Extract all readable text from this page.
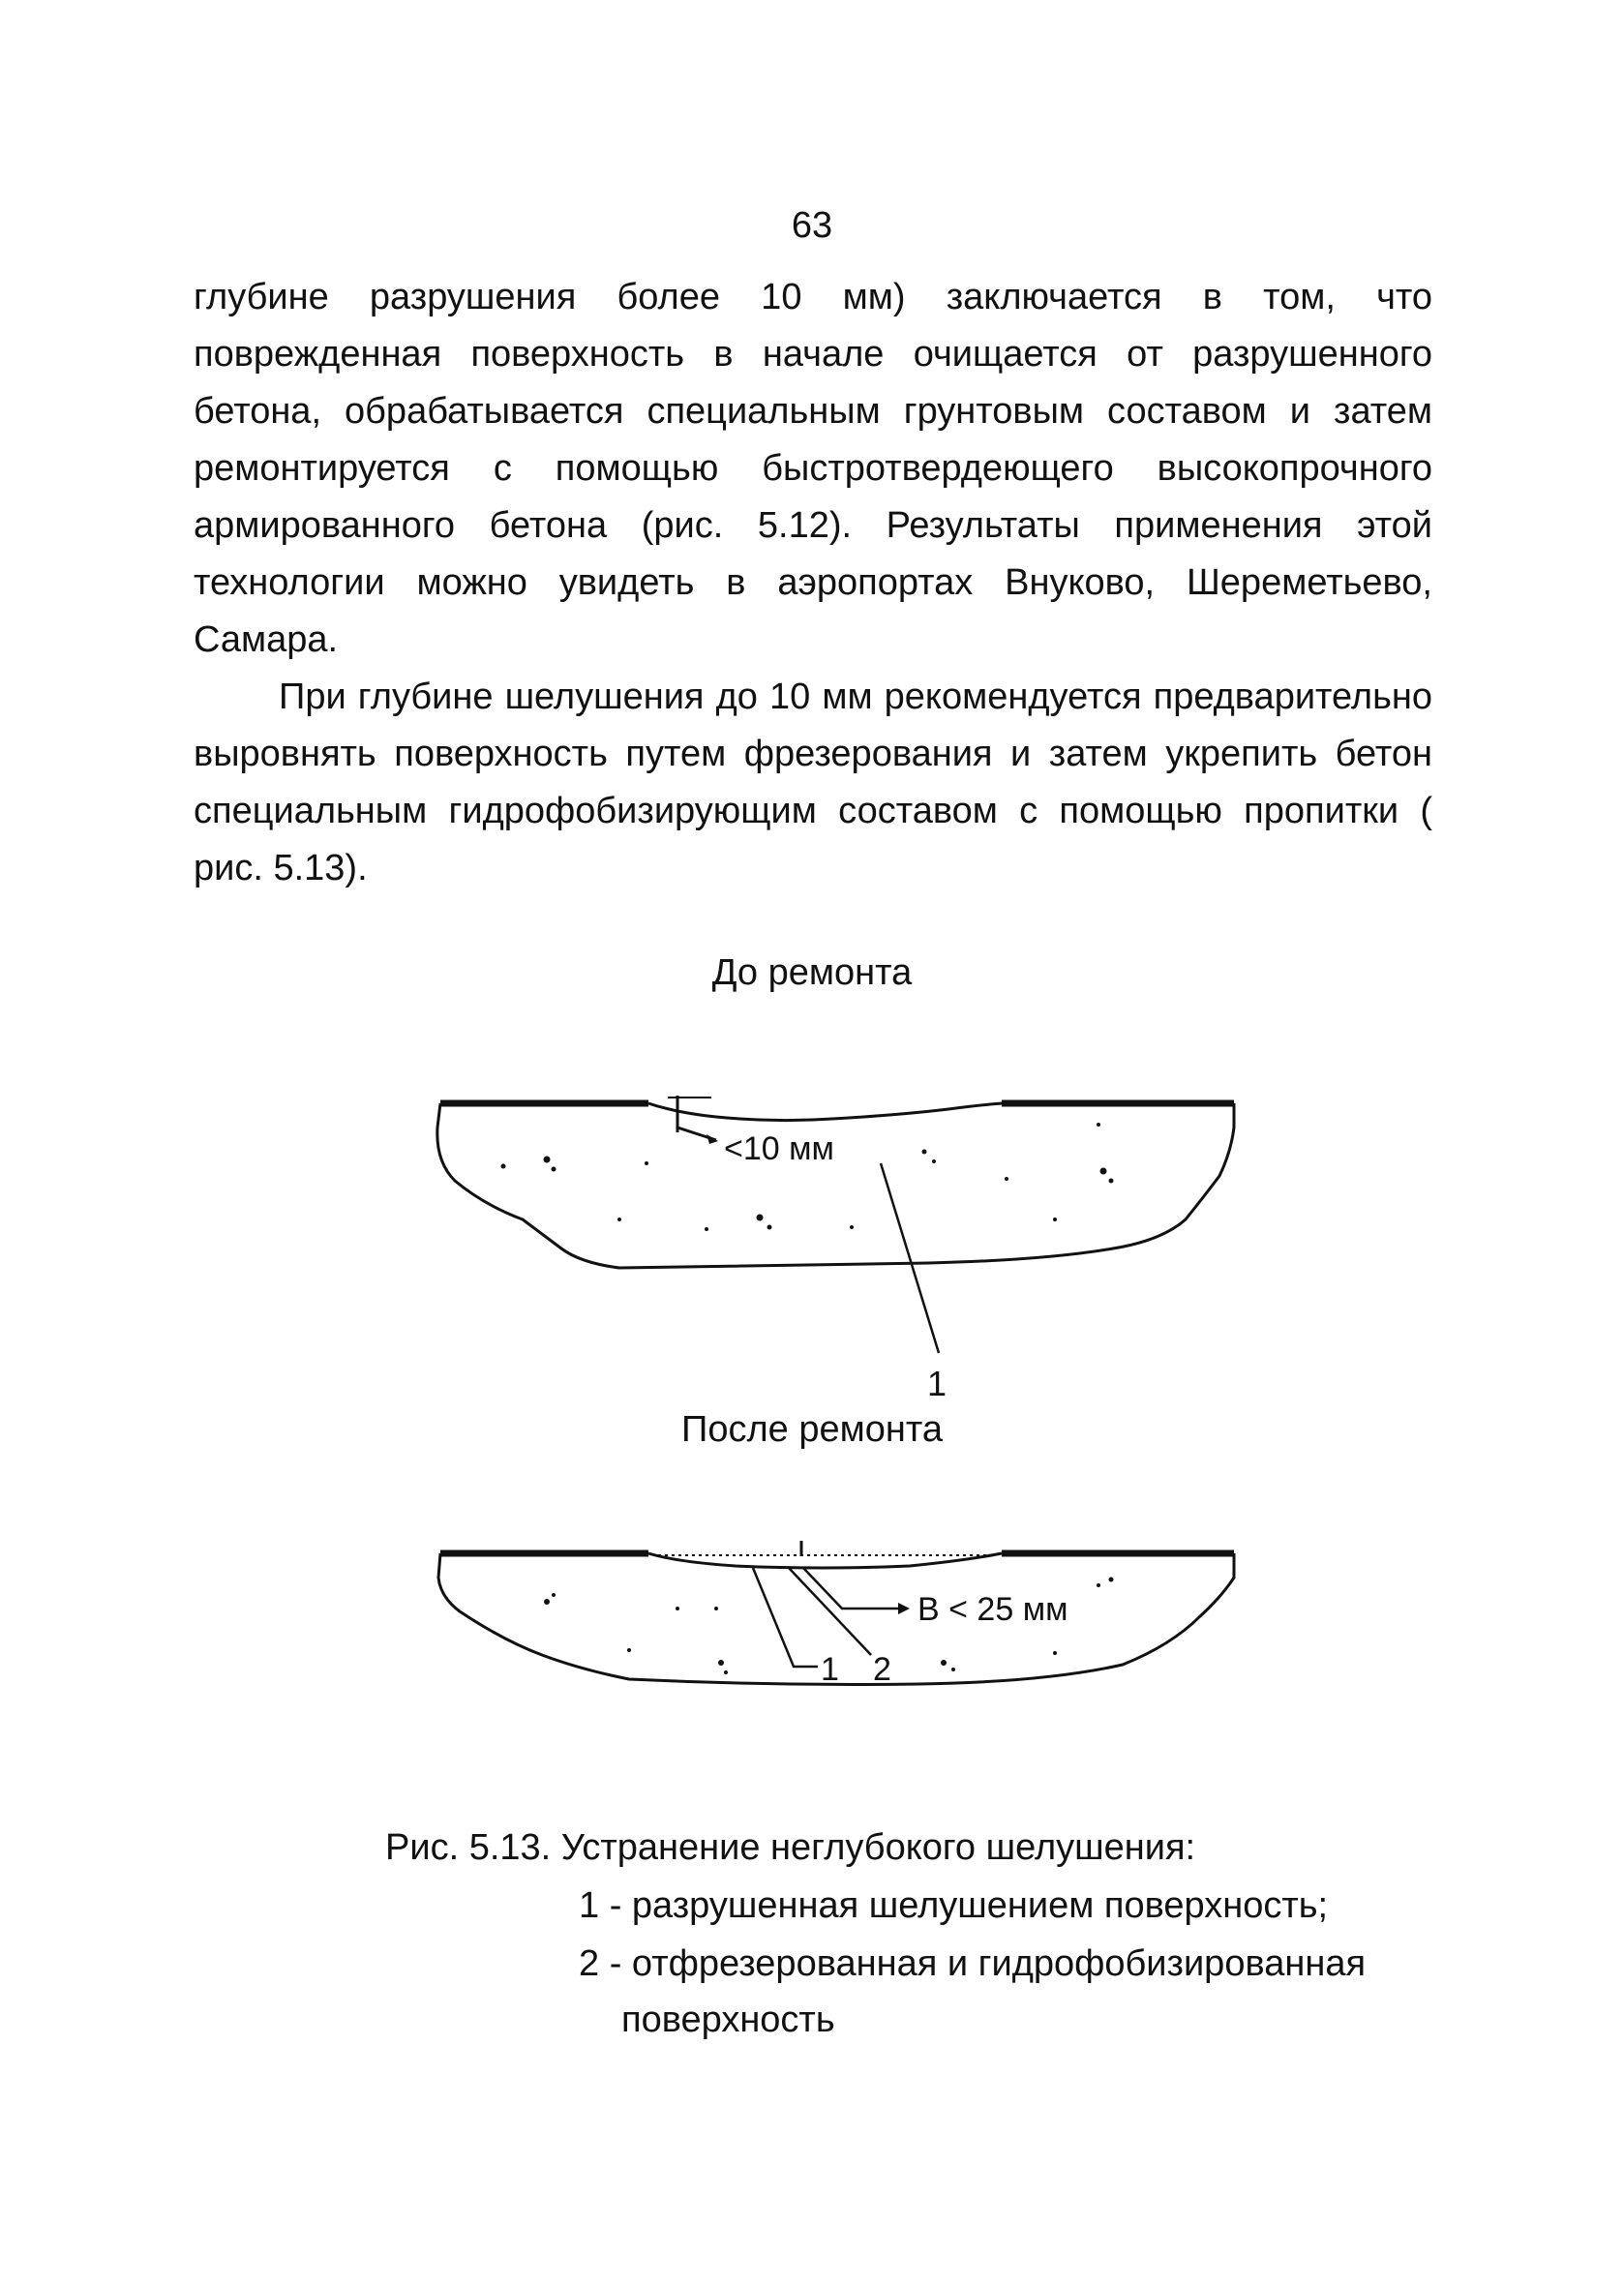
63

глубине разрушения более 10 мм) заключается в том, что поврежденная поверхность в начале очищается от разрушенного бетона, обрабатывается специальным грунтовым составом и затем ремонтируется с помощью быстротвердеющего высокопрочного армированного бетона (рис. 5.12). Результаты применения этой технологии можно увидеть в аэропортах Внуково, Шереметьево, Самара.

При глубине шелушения до 10 мм рекомендуется предварительно выровнять поверхность путем фрезерования и затем укрепить бетон специальным гидрофобизирующим составом с помощью пропитки ( рис. 5.13).

До ремонта
<10 мм
1
После ремонта
1 2
B < 25 мм
Рис. 5.13. Устранение неглубокого шелушения:
1 - разрушенная шелушением поверхность;
2 - отфрезерованная и гидрофобизированная
поверхность
